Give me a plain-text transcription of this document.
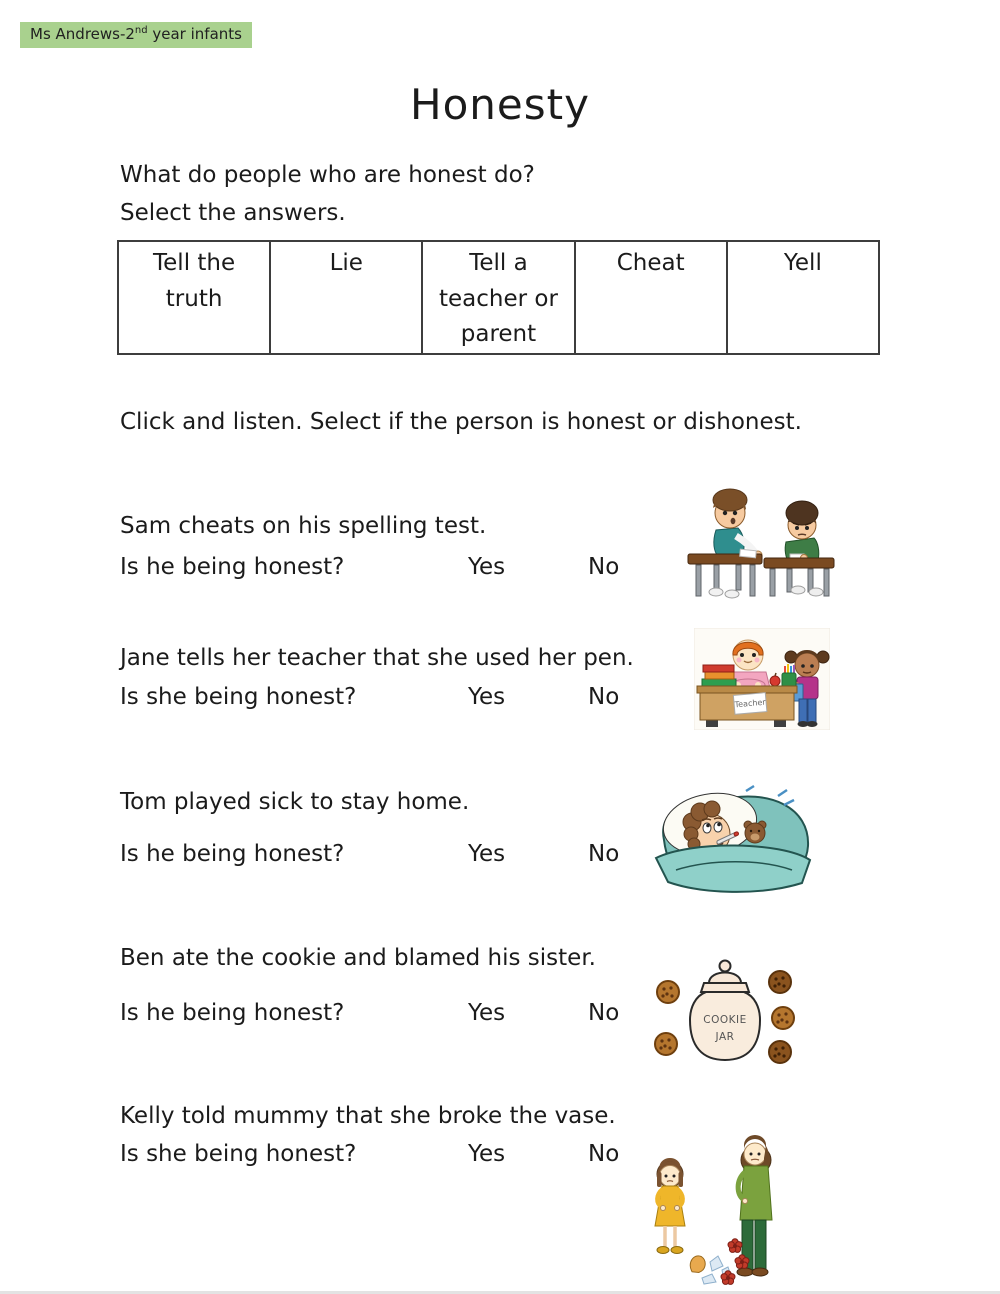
Ms Andrews-2nd year infants
Honesty
What do people who are honest do?
Select the answers.
Tell the truth	Lie	Tell a teacher or parent	Cheat	Yell
Click and listen. Select if the person is honest or dishonest.
Sam cheats on his spelling test.
Is he being honest?	Yes	No
Jane tells her teacher that she used her pen.
Is she being honest?	Yes	No	Teacher
Tom played sick to stay home.
Is he being honest?	Yes	No
Ben ate the cookie and blamed his sister.
Is he being honest?	Yes	No	COOKIE
JAR
Kelly told mummy that she broke the vase.
Is she being honest?	Yes	No
